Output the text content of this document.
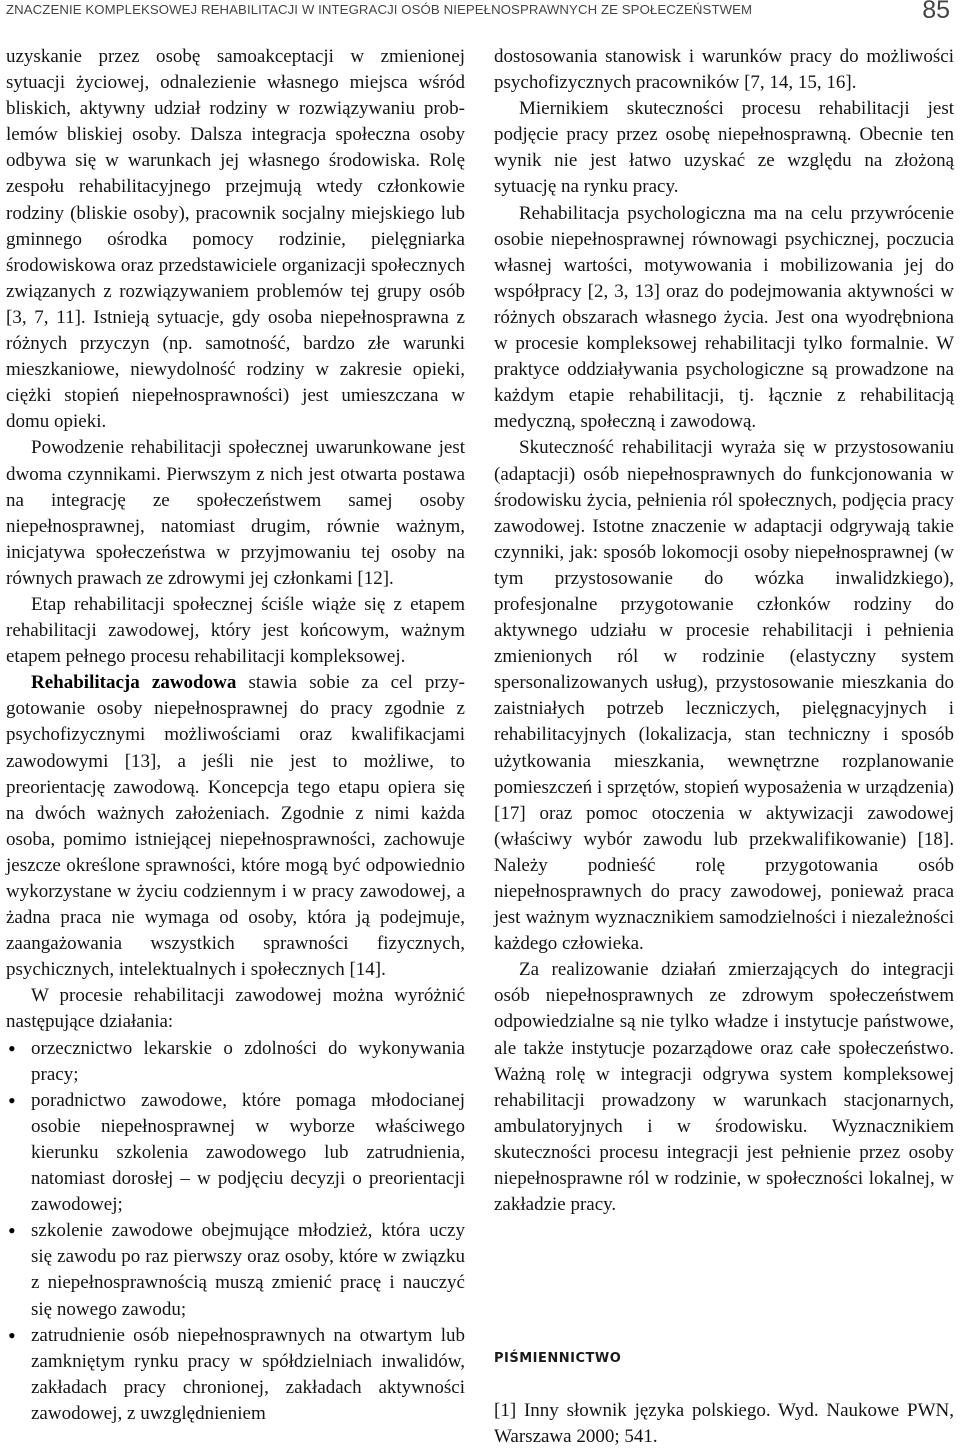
ZNACZENIE KOMPLEKSOWEJ REHABILITACJI W INTEGRACJI OSÓB NIEPEŁNOSPRAWNYCH ZE SPOŁECZEŃSTWEM	85

uzyskanie przez osobę samoakceptacji w zmienionej sytuacji życiowej, odnalezienie własnego miejsca wśród bliskich, aktywny udział rodziny w rozwiązywaniu problemów bliskiej osoby. Dalsza integracja społeczna osoby odbywa się w warunkach jej własnego środowiska. Rolę zespołu rehabilitacyjnego przejmują wtedy członkowie rodziny (bliskie osoby), pracownik socjalny miejskiego lub gminnego ośrodka pomocy rodzinie, pielęgniarka środowiskowa oraz przedstawiciele organizacji społecznych związanych z rozwiązywaniem problemów tej grupy osób [3, 7, 11]. Istnieją sytuacje, gdy osoba niepełnosprawna z różnych przyczyn (np. samotność, bardzo złe warunki mieszkaniowe, niewydolność rodziny w zakresie opieki, ciężki stopień niepełnosprawności) jest umieszczana w domu opieki.

Powodzenie rehabilitacji społecznej uwarunkowane jest dwoma czynnikami. Pierwszym z nich jest otwarta postawa na integrację ze społeczeństwem samej osoby niepełnosprawnej, natomiast drugim, równie ważnym, inicjatywa społeczeństwa w przyjmowaniu tej osoby na równych prawach ze zdrowymi jej członkami [12].

Etap rehabilitacji społecznej ściśle wiąże się z etapem rehabilitacji zawodowej, który jest końcowym, ważnym etapem pełnego procesu rehabilitacji kompleksowej.

Rehabilitacja zawodowa stawia sobie za cel przygotowanie osoby niepełnosprawnej do pracy zgodnie z psychofizycznymi możliwościami oraz kwalifikacjami zawodowymi [13], a jeśli nie jest to możliwe, to preorientację zawodową. Koncepcja tego etapu opiera się na dwóch ważnych założeniach. Zgodnie z nimi każda osoba, pomimo istniejącej niepełnosprawności, zachowuje jeszcze określone sprawności, które mogą być odpowiednio wykorzystane w życiu codziennym i w pracy zawodowej, a żadna praca nie wymaga od osoby, która ją podejmuje, zaangażowania wszystkich sprawności fizycznych, psychicznych, intelektualnych i społecznych [14].

W procesie rehabilitacji zawodowej można wyróżnić następujące działania:

• orzecznictwo lekarskie o zdolności do wykonywania pracy;
• poradnictwo zawodowe, które pomaga młodocianej osobie niepełnosprawnej w wyborze właściwego kierunku szkolenia zawodowego lub zatrudnienia, natomiast dorosłej – w podjęciu decyzji o preorientacji zawodowej;
• szkolenie zawodowe obejmujące młodzież, która uczy się zawodu po raz pierwszy oraz osoby, które w związku z niepełnosprawnością muszą zmienić pracę i nauczyć się nowego zawodu;
• zatrudnienie osób niepełnosprawnych na otwartym lub zamkniętym rynku pracy w spółdzielniach inwalidów, zakładach pracy chronionej, zakładach aktywności zawodowej, z uwzględnieniem

dostosowania stanowisk i warunków pracy do możliwości psychofizycznych pracowników [7, 14, 15, 16].

Miernikiem skuteczności procesu rehabilitacji jest podjęcie pracy przez osobę niepełnosprawną. Obecnie ten wynik nie jest łatwo uzyskać ze względu na złożoną sytuację na rynku pracy.

Rehabilitacja psychologiczna ma na celu przywrócenie osobie niepełnosprawnej równowagi psychicznej, poczucia własnej wartości, motywowania i mobilizowania jej do współpracy [2, 3, 13] oraz do podejmowania aktywności w różnych obszarach własnego życia. Jest ona wyodrębniona w procesie kompleksowej rehabilitacji tylko formalnie. W praktyce oddziaływania psychologiczne są prowadzone na każdym etapie rehabilitacji, tj. łącznie z rehabilitacją medyczną, społeczną i zawodową.

Skuteczność rehabilitacji wyraża się w przystosowaniu (adaptacji) osób niepełnosprawnych do funkcjonowania w środowisku życia, pełnienia ról społecznych, podjęcia pracy zawodowej. Istotne znaczenie w adaptacji odgrywają takie czynniki, jak: sposób lokomocji osoby niepełnosprawnej (w tym przystosowanie do wózka inwalidzkiego), profesjonalne przygotowanie członków rodziny do aktywnego udziału w procesie rehabilitacji i pełnienia zmienionych ról w rodzinie (elastyczny system spersonalizowanych usług), przystosowanie mieszkania do zaistniałych potrzeb leczniczych, pielęgnacyjnych i rehabilitacyjnych (lokalizacja, stan techniczny i sposób użytkowania mieszkania, wewnętrzne rozplanowanie pomieszczeń i sprzętów, stopień wyposażenia w urządzenia) [17] oraz pomoc otoczenia w aktywizacji zawodowej (właściwy wybór zawodu lub przekwalifikowanie) [18]. Należy podnieść rolę przygotowania osób niepełnosprawnych do pracy zawodowej, ponieważ praca jest ważnym wyznacznikiem samodzielności i niezależności każdego człowieka.

Za realizowanie działań zmierzających do integracji osób niepełnosprawnych ze zdrowym społeczeństwem odpowiedzialne są nie tylko władze i instytucje państwowe, ale także instytucje pozarządowe oraz całe społeczeństwo. Ważną rolę w integracji odgrywa system kompleksowej rehabilitacji prowadzony w warunkach stacjonarnych, ambulatoryjnych i w środowisku. Wyznacznikiem skuteczności procesu integracji jest pełnienie przez osoby niepełnosprawne ról w rodzinie, w społeczności lokalnej, w zakładzie pracy.

PIŚMIENNICTWO
[1] Inny słownik języka polskiego. Wyd. Naukowe PWN, Warszawa 2000; 541.
